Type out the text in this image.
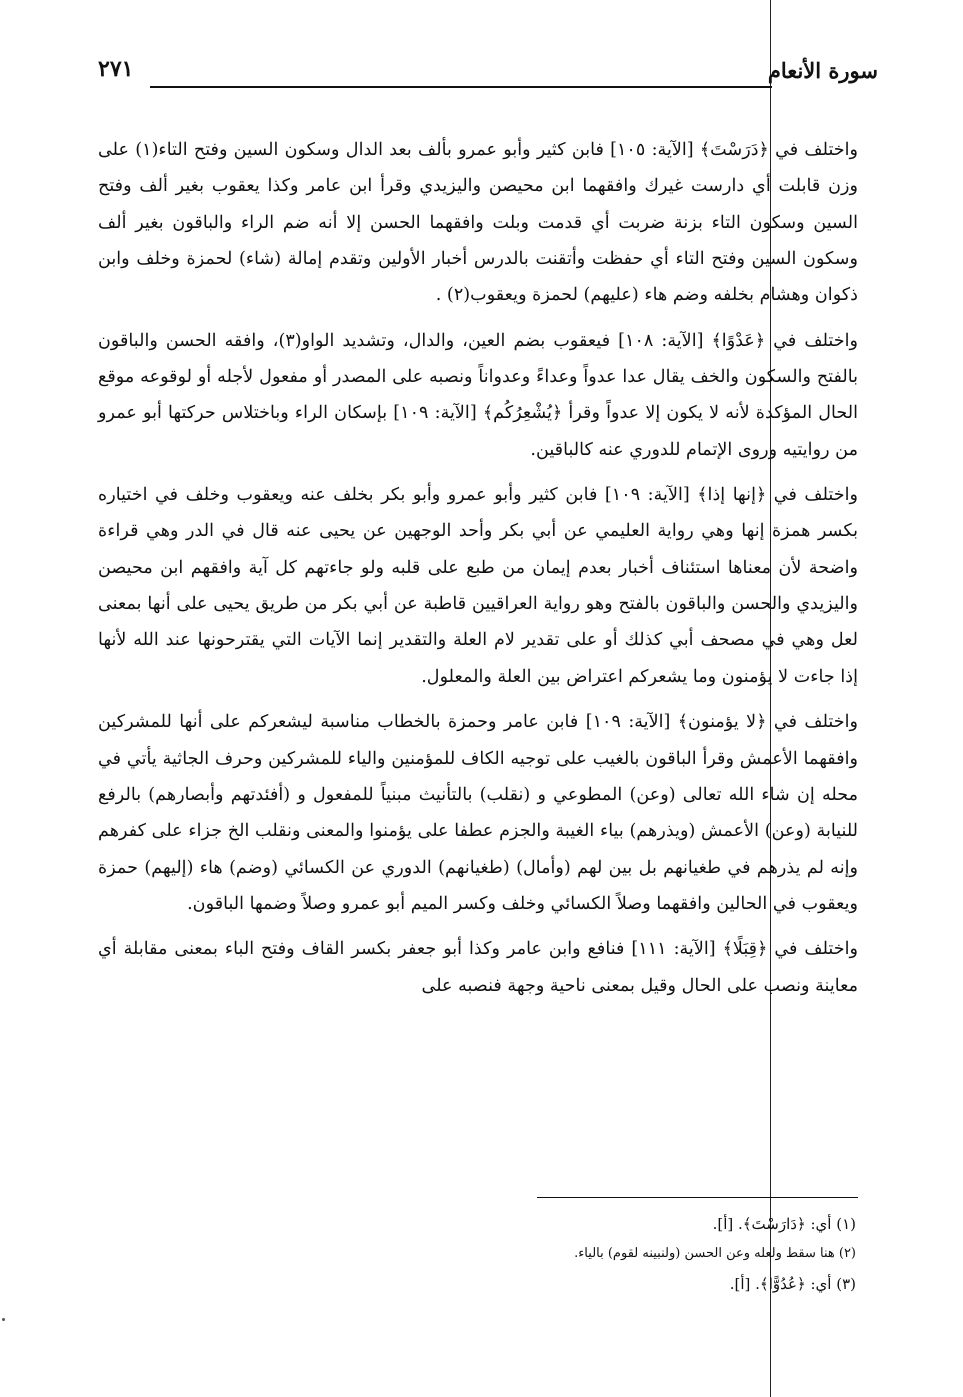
سورة الأنعام
٢٧١

واختلف في ﴿دَرَسْتَ﴾ [الآية: ١٠٥] فابن كثير وأبو عمرو بألف بعد الدال وسكون السين وفتح التاء(١) على وزن قابلت أي دارست غيرك وافقهما ابن محيصن واليزيدي وقرأ ابن عامر وكذا يعقوب بغير ألف وفتح السين وسكون التاء بزنة ضربت أي قدمت وبلت وافقهما الحسن إلا أنه ضم الراء والباقون بغير ألف وسكون السين وفتح التاء أي حفظت وأتقنت بالدرس أخبار الأولين وتقدم إمالة (شاء) لحمزة وخلف وابن ذكوان وهشام بخلفه وضم هاء (عليهم) لحمزة ويعقوب(٢) .

واختلف في ﴿عَدْوًا﴾ [الآية: ١٠٨] فيعقوب بضم العين، والدال، وتشديد الواو(٣)، وافقه الحسن والباقون بالفتح والسكون والخف يقال عدا عدواً وعداءً وعدواناً ونصبه على المصدر أو مفعول لأجله أو لوقوعه موقع الحال المؤكدة لأنه لا يكون إلا عدواً وقرأ ﴿يُشْعِرُكُم﴾ [الآية: ١٠٩] بإسكان الراء وباختلاس حركتها أبو عمرو من روايتيه وروى الإتمام للدوري عنه كالباقين.

واختلف في ﴿إنها إذا﴾ [الآية: ١٠٩] فابن كثير وأبو عمرو وأبو بكر بخلف عنه ويعقوب وخلف في اختياره بكسر همزة إنها وهي رواية العليمي عن أبي بكر وأحد الوجهين عن يحيى عنه قال في الدر وهي قراءة واضحة لأن معناها استئناف أخبار بعدم إيمان من طبع على قلبه ولو جاءتهم كل آية وافقهم ابن محيصن واليزيدي والحسن والباقون بالفتح وهو رواية العراقيين قاطبة عن أبي بكر من طريق يحيى على أنها بمعنى لعل وهي في مصحف أبي كذلك أو على تقدير لام العلة والتقدير إنما الآيات التي يقترحونها عند الله لأنها إذا جاءت لا يؤمنون وما يشعركم اعتراض بين العلة والمعلول.

واختلف في ﴿لا يؤمنون﴾ [الآية: ١٠٩] فابن عامر وحمزة بالخطاب مناسبة ليشعركم على أنها للمشركين وافقهما الأعمش وقرأ الباقون بالغيب على توجيه الكاف للمؤمنين والياء للمشركين وحرف الجاثية يأتي في محله إن شاء الله تعالى (وعن) المطوعي و (نقلب) بالتأنيث مبنياً للمفعول و (أفئدتهم وأبصارهم) بالرفع للنيابة (وعن) الأعمش (ويذرهم) بياء الغيبة والجزم عطفا على يؤمنوا والمعنى ونقلب الخ جزاء على كفرهم وإنه لم يذرهم في طغيانهم بل بين لهم (وأمال) (طغيانهم) الدوري عن الكسائي (وضم) هاء (إليهم) حمزة ويعقوب في الحالين وافقهما وصلاً الكسائي وخلف وكسر الميم أبو عمرو وصلاً وضمها الباقون.

واختلف في ﴿قِبَلًا﴾ [الآية: ١١١] فنافع وابن عامر وكذا أبو جعفر بكسر القاف وفتح الباء بمعنى مقابلة أي معاينة ونصب على الحال وقيل بمعنى ناحية وجهة فنصبه على

(١) أي: ﴿دَارَسْتَ﴾. [أ].

(٢) هنا سقط ولعله وعن الحسن (ولنبينه لقوم) بالياء.

(٣) أي: ﴿عُدُوًّا﴾. [أ].
